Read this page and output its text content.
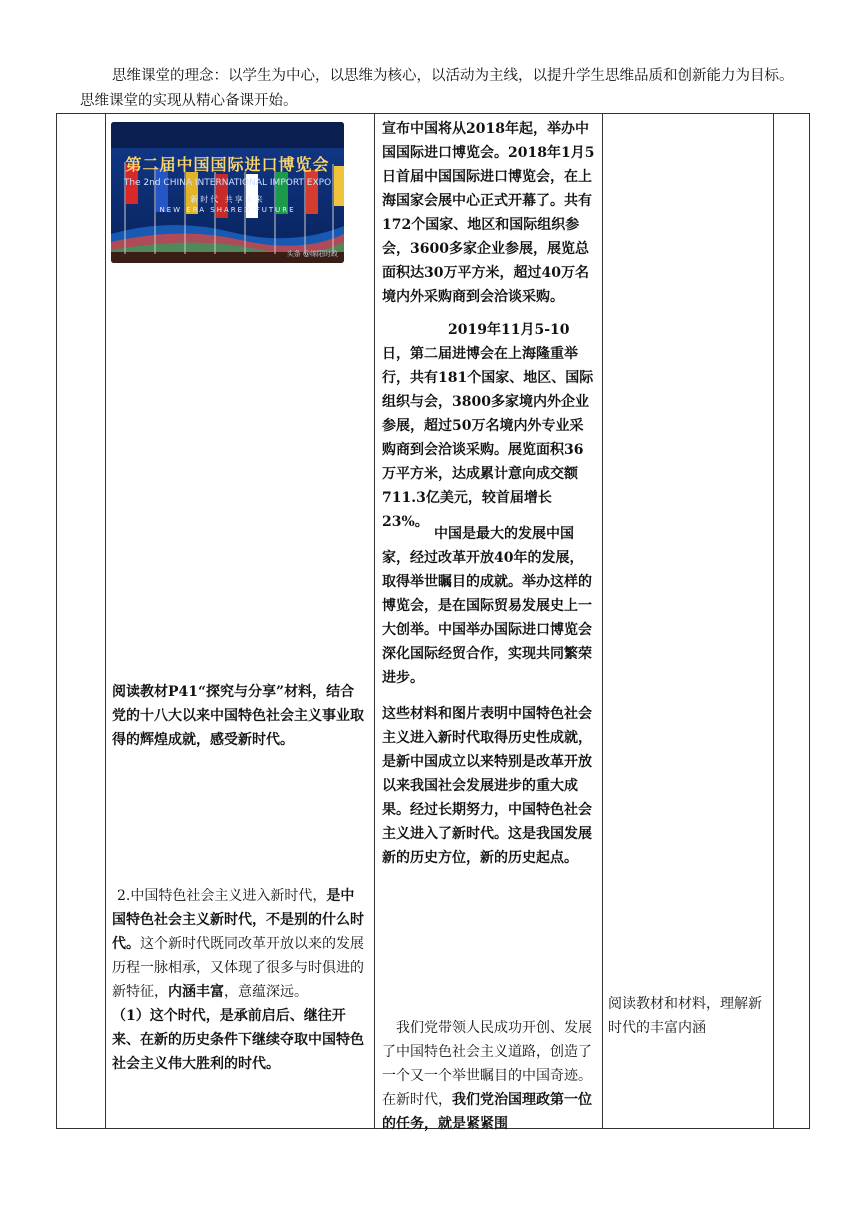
思维课堂的理念：以学生为中心，以思维为核心，以活动为主线，以提升学生思维品质和创新能力为目标。思维课堂的实现从精心备课开始。
第二届中国国际进口博览会
The 2nd CHINA INTERNATIONAL IMPORT EXPO
新时代 共享未来
NEW ERA SHARED FUTURE
头条 @绵阳时政
阅读教材P41“探究与分享”材料，结合党的十八大以来中国特色社会主义事业取得的辉煌成就，感受新时代。
2.中国特色社会主义进入新时代，是中国特色社会主义新时代，不是别的什么时代。这个新时代既同改革开放以来的发展历程一脉相承，又体现了很多与时俱进的新特征，内涵丰富，意蕴深远。
（1）这个时代，是承前启后、继往开来、在新的历史条件下继续夺取中国特色社会主义伟大胜利的时代。
宣布中国将从2018年起，举办中国国际进口博览会。2018年1月5日首届中国国际进口博览会，在上海国家会展中心正式开幕了。共有172个国家、地区和国际组织参会，3600多家企业参展，展览总面积达30万平方米，超过40万名境内外采购商到会洽谈采购。
2019年11月5-10日，第二届进博会在上海隆重举行，共有181个国家、地区、国际组织与会，3800多家境内外企业参展，超过50万名境内外专业采购商到会洽谈采购。展览面积36万平方米，达成累计意向成交额711.3亿美元，较首届增长23%。
中国是最大的发展中国家，经过改革开放40年的发展，取得举世瞩目的成就。举办这样的博览会，是在国际贸易发展史上一大创举。中国举办国际进口博览会深化国际经贸合作，实现共同繁荣进步。
这些材料和图片表明中国特色社会主义进入新时代取得历史性成就，是新中国成立以来特别是改革开放以来我国社会发展进步的重大成果。经过长期努力，中国特色社会主义进入了新时代。这是我国发展新的历史方位，新的历史起点。
我们党带领人民成功开创、发展了中国特色社会主义道路，创造了一个又一个举世瞩目的中国奇迹。在新时代，我们党治国理政第一位的任务，就是紧紧围
阅读教材和材料，理解新时代的丰富内涵
